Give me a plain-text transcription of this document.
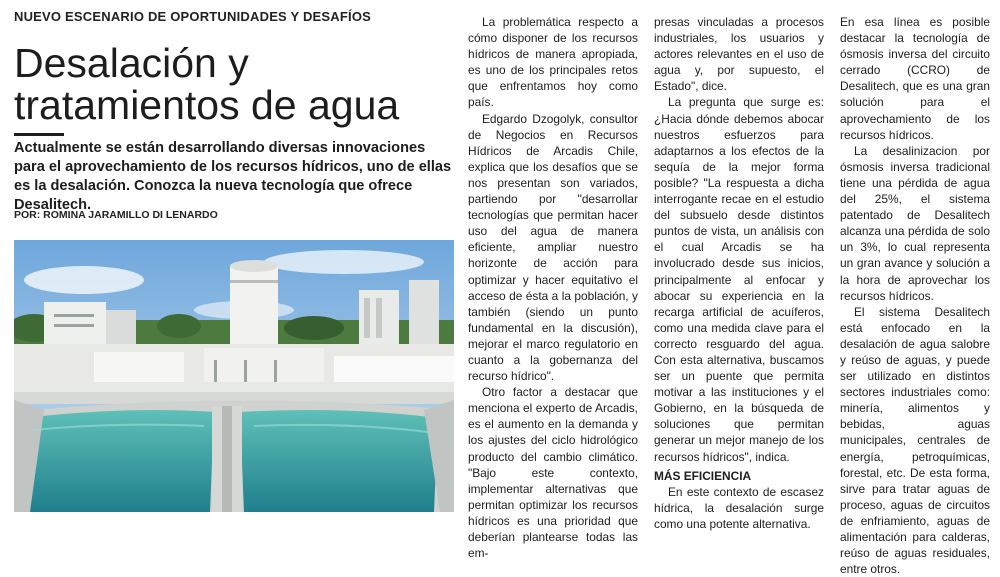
NUEVO ESCENARIO DE OPORTUNIDADES Y DESAFÍOS
Desalación y tratamientos de agua

Actualmente se están desarrollando diversas innovaciones para el aprovechamiento de los recursos hídricos, uno de ellas es la desalación. Conozca la nueva tecnología que ofrece Desalitech.

POR: ROMINA JARAMILLO DI LENARDO

La problemática respecto a cómo disponer de los recursos hídricos de manera apropiada, es uno de los principales retos que enfrentamos hoy como país.

Edgardo Dzogolyk, consultor de Negocios en Recursos Hídricos de Arcadis Chile, explica que los desafíos que se nos presentan son variados, partiendo por "desarrollar tecnologías que permitan hacer uso del agua de manera eficiente, ampliar nuestro horizonte de acción para optimizar y hacer equitativo el acceso de ésta a la población, y también (siendo un punto fundamental en la discusión), mejorar el marco regulatorio en cuanto a la gobernanza del recurso hídrico".

Otro factor a destacar que menciona el experto de Arcadis, es el aumento en la demanda y los ajustes del ciclo hidrológico producto del cambio climático. "Bajo este contexto, implementar alternativas que permitan optimizar los recursos hídricos es una prioridad que deberían plantearse todas las em-

presas vinculadas a procesos industriales, los usuarios y actores relevantes en el uso de agua y, por supuesto, el Estado", dice.

La pregunta que surge es: ¿Hacia dónde debemos abocar nuestros esfuerzos para adaptarnos a los efectos de la sequía de la mejor forma posible? "La respuesta a dicha interrogante recae en el estudio del subsuelo desde distintos puntos de vista, un análisis con el cual Arcadis se ha involucrado desde sus inicios, principalmente al enfocar y abocar su experiencia en la recarga artificial de acuíferos, como una medida clave para el correcto resguardo del agua. Con esta alternativa, buscamos ser un puente que permita motivar a las instituciones y el Gobierno, en la búsqueda de soluciones que permitan generar un mejor manejo de los recursos hídricos", indica.

MÁS EFICIENCIA

En este contexto de escasez hídrica, la desalación surge como una potente alternativa.

En esa línea es posible destacar la tecnología de ósmosis inversa del circuito cerrado (CCRO) de Desalitech, que es una gran solución para el aprovechamiento de los recursos hídricos.

La desalinizacion por ósmosis inversa tradicional tiene una pérdida de agua del 25%, el sistema patentado de Desalitech alcanza una pérdida de solo un 3%, lo cual representa un gran avance y solución a la hora de aprovechar los recursos hídricos.

El sistema Desalitech está enfocado en la desalación de agua salobre y reúso de aguas, y puede ser utilizado en distintos sectores industriales como: minería, alimentos y bebidas, aguas municipales, centrales de energía, petroquímicas, forestal, etc. De esta forma, sirve para tratar aguas de proceso, aguas de circuitos de enfriamiento, aguas de alimentación para calderas, reúso de aguas residuales, entre otros.
